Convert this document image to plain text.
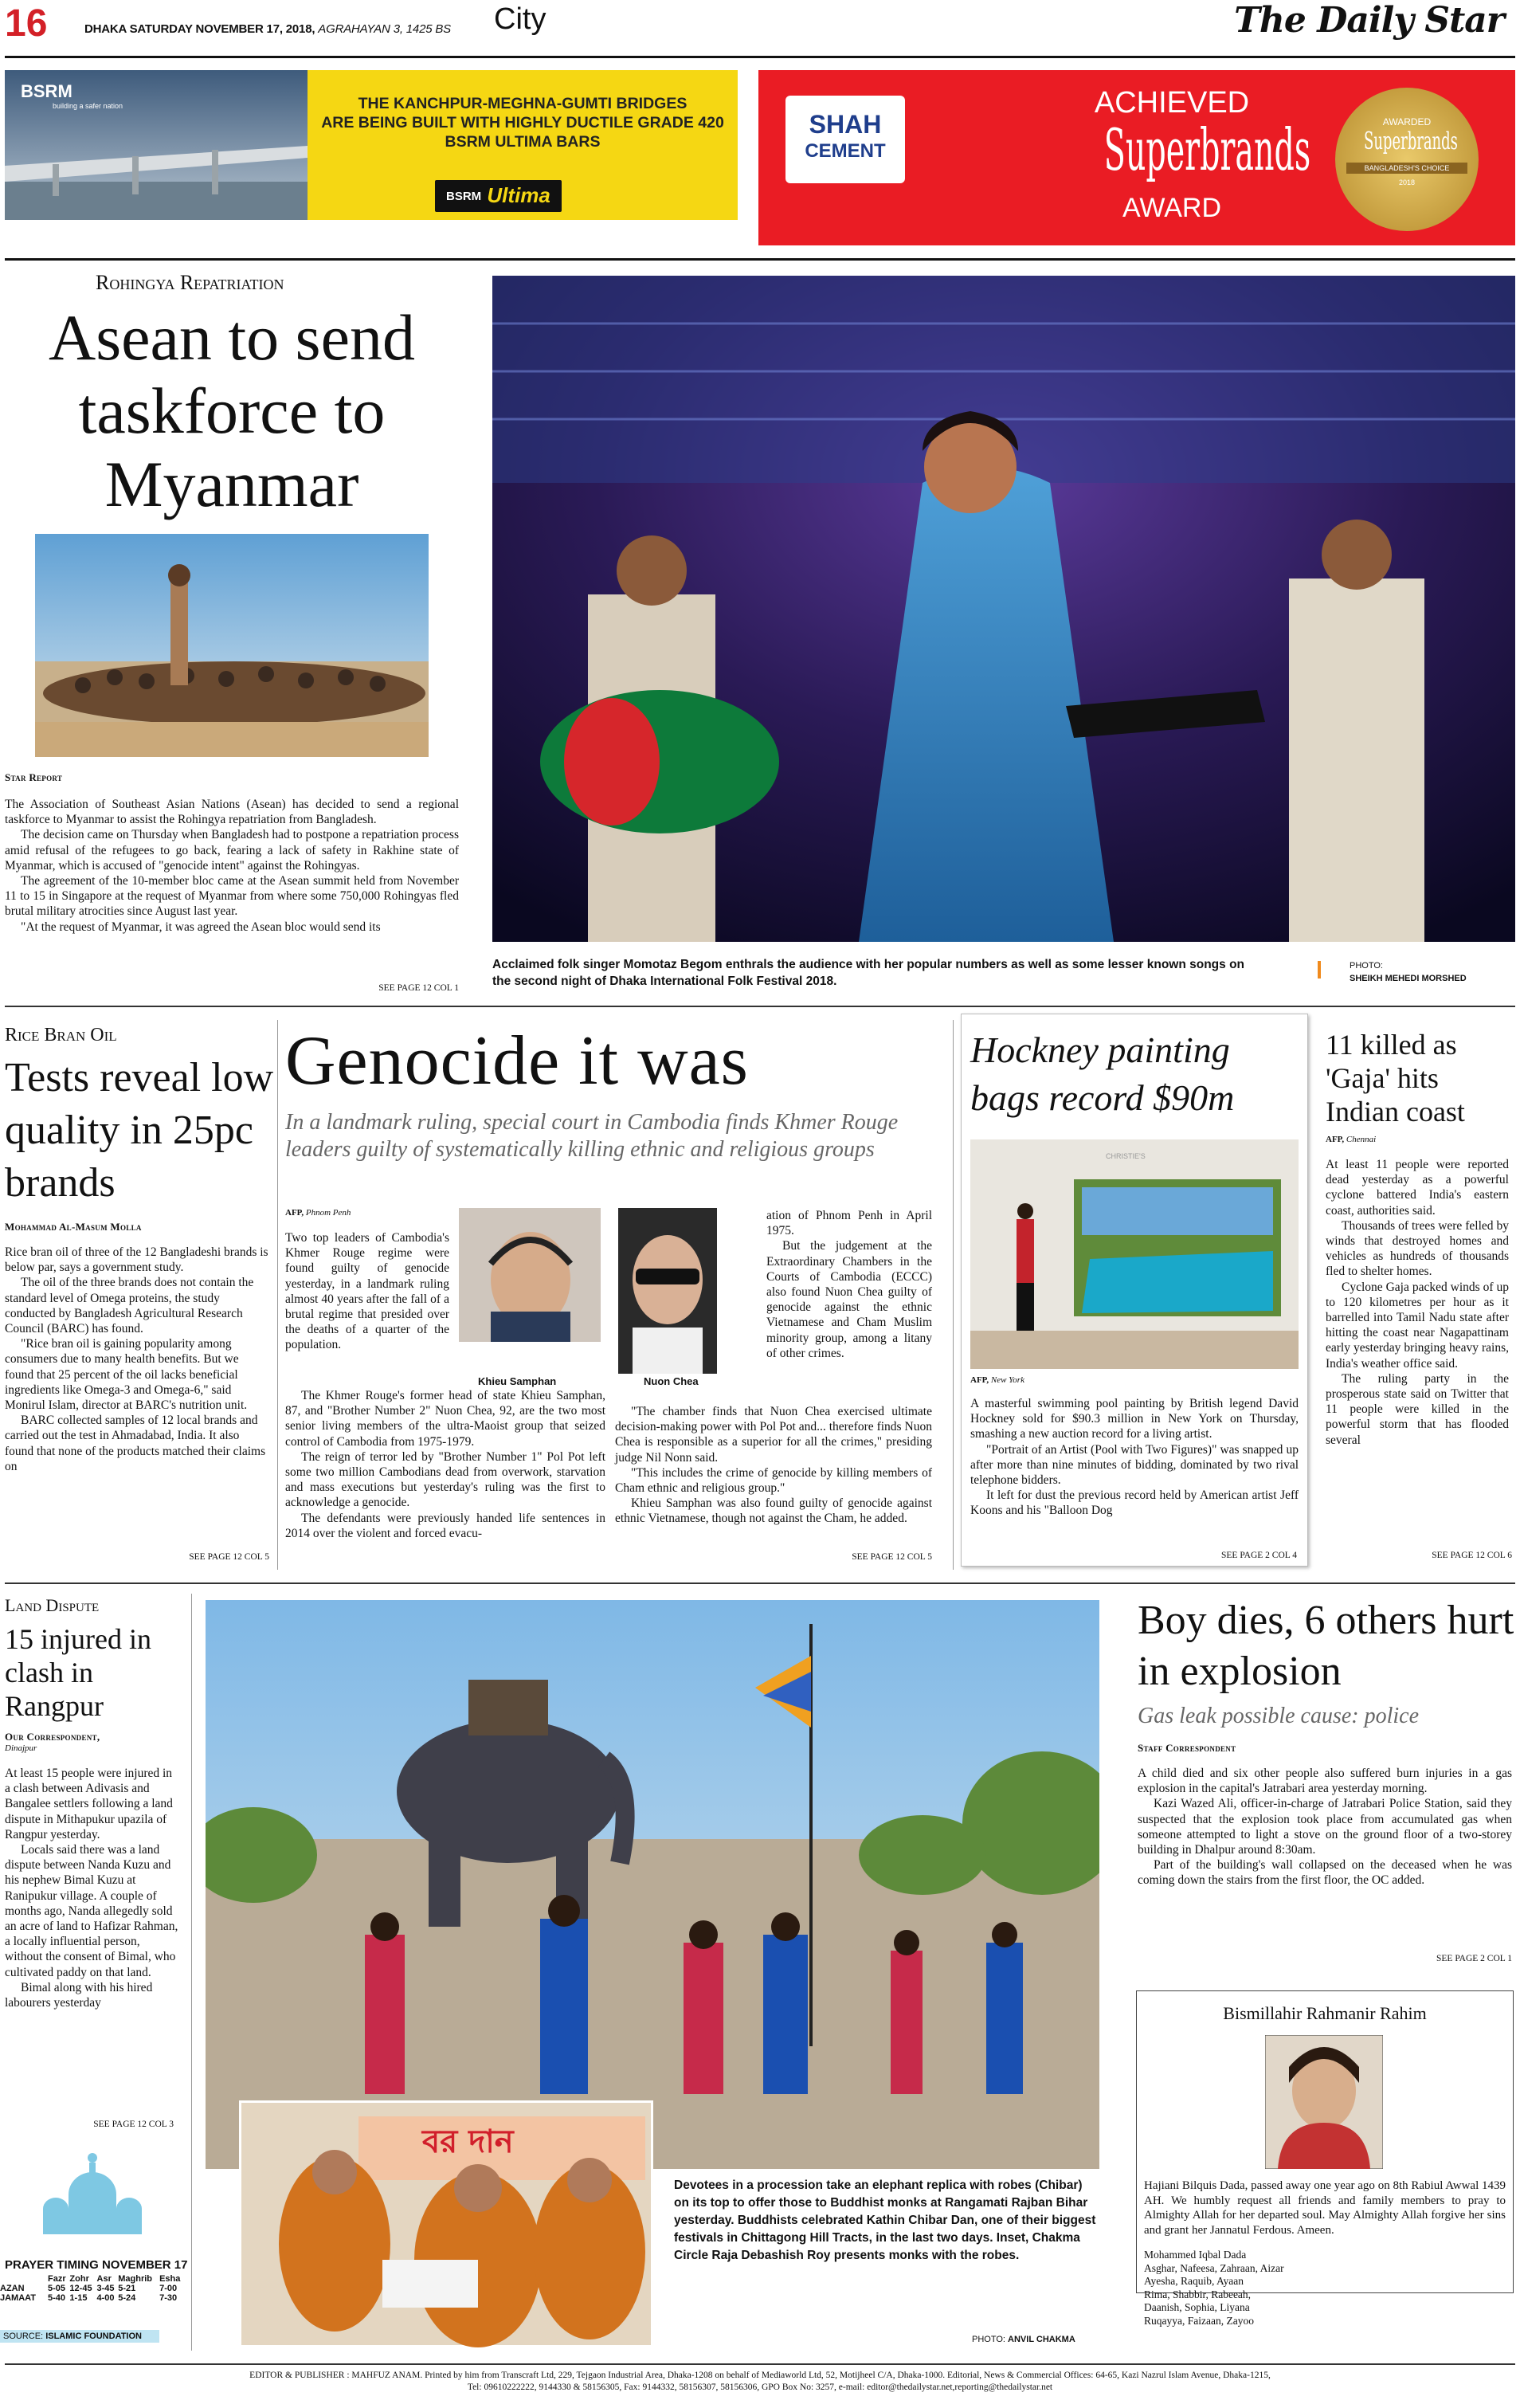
16	DHAKA SATURDAY NOVEMBER 17, 2018, AGRAHAYAN 3, 1425 BS City	The Daily Star
BSRM
building a safer nation	THE KANCHPUR-MEGHNA-GUMTI BRIDGES
ARE BEING BUILT WITH HIGHLY DUCTILE GRADE 420
BSRM ULTIMA BARS
BSRM Ultima
SHAH
CEMENT
ACHIEVED
Superbrands
AWARD
AWARDED
Superbrands
BANGLADESH'S CHOICE
2018
Rohingya Repatriation
Asean to send taskforce to Myanmar
Star Report

The Association of Southeast Asian Nations (Asean) has decided to send a regional taskforce to Myanmar to assist the Rohingya repatriation from Bangladesh.

The decision came on Thursday when Bangladesh had to postpone a repatriation process amid refusal of the refugees to go back, fearing a lack of safety in Rakhine state of Myanmar, which is accused of "genocide intent" against the Rohingyas.

The agreement of the 10-member bloc came at the Asean summit held from November 11 to 15 in Singapore at the request of Myanmar from where some 750,000 Rohingyas fled brutal military atrocities since August last year.

"At the request of Myanmar, it was agreed the Asean bloc would send its

SEE PAGE 12 COL 1
Acclaimed folk singer Momotaz Begom enthrals the audience with her popular numbers as well as some lesser known songs on the second night of Dhaka International Folk Festival 2018.
PHOTO:
SHEIKH MEHEDI MORSHED
Rice Bran Oil
Tests reveal low quality in 25pc brands
Mohammad Al-Masum Molla

Rice bran oil of three of the 12 Bangladeshi brands is below par, says a government study.

The oil of the three brands does not contain the standard level of Omega proteins, the study conducted by Bangladesh Agricultural Research Council (BARC) has found.

"Rice bran oil is gaining popularity among consumers due to many health benefits. But we found that 25 percent of the oil lacks beneficial ingredients like Omega-3 and Omega-6," said Monirul Islam, director at BARC's nutrition unit.

BARC collected samples of 12 local brands and carried out the test in Ahmadabad, India. It also found that none of the products matched their claims on

SEE PAGE 12 COL 5
Genocide it was
In a landmark ruling, special court in Cambodia finds Khmer Rouge leaders guilty of systematically killing ethnic and religious groups
AFP, Phnom Penh

Two top leaders of Cambodia's Khmer Rouge regime were found guilty of genocide yesterday, in a landmark ruling almost 40 years after the fall of a brutal regime that presided over the deaths of a quarter of the population.

The Khmer Rouge's former head of state Khieu Samphan, 87, and "Brother Number 2" Nuon Chea, 92, are the two most senior living members of the ultra-Maoist group that seized control of Cambodia from 1975-1979.

The reign of terror led by "Brother Number 1" Pol Pot left some two million Cambodians dead from overwork, starvation and mass executions but yesterday's ruling was the first to acknowledge a genocide.

The defendants were previously handed life sentences in 2014 over the violent and forced evacu-

Khieu Samphan	Nuon Chea

ation of Phnom Penh in April 1975.

But the judgement at the Extraordinary Chambers in the Courts of Cambodia (ECCC) also found Nuon Chea guilty of genocide against the ethnic Vietnamese and Cham Muslim minority group, among a litany of other crimes.

"The chamber finds that Nuon Chea exercised ultimate decision-making power with Pol Pot and... therefore finds Nuon Chea is responsible as a superior for all the crimes," presiding judge Nil Nonn said.

"This includes the crime of genocide by killing members of Cham ethnic and religious group."

Khieu Samphan was also found guilty of genocide against ethnic Vietnamese, though not against the Cham, he added.

SEE PAGE 12 COL 5
Hockney painting bags record $90m
CHRISTIE'S
AFP, New York

A masterful swimming pool painting by British legend David Hockney sold for $90.3 million in New York on Thursday, smashing a new auction record for a living artist.

"Portrait of an Artist (Pool with Two Figures)" was snapped up after more than nine minutes of bidding, dominated by two rival telephone bidders.

It left for dust the previous record held by American artist Jeff Koons and his "Balloon Dog

SEE PAGE 2 COL 4
11 killed as 'Gaja' hits Indian coast
AFP, Chennai

At least 11 people were reported dead yesterday as a powerful cyclone battered India's eastern coast, authorities said.

Thousands of trees were felled by winds that destroyed homes and vehicles as hundreds of thousands fled to shelter homes.

Cyclone Gaja packed winds of up to 120 kilometres per hour as it barrelled into Tamil Nadu state after hitting the coast near Nagapattinam early yesterday bringing heavy rains, India's weather office said.

The ruling party in the prosperous state said on Twitter that 11 people were killed in the powerful storm that has flooded several

SEE PAGE 12 COL 6
Land Dispute
15 injured in clash in Rangpur
Our Correspondent,
Dinajpur

At least 15 people were injured in a clash between Adivasis and Bangalee settlers following a land dispute in Mithapukur upazila of Rangpur yesterday.

Locals said there was a land dispute between Nanda Kuzu and his nephew Bimal Kuzu at Ranipukur village. A couple of months ago, Nanda allegedly sold an acre of land to Hafizar Rahman, a locally influential person, without the consent of Bimal, who cultivated paddy on that land.

Bimal along with his hired labourers yesterday

SEE PAGE 12 COL 3
PRAYER TIMING NOVEMBER 17
	Fazr	Zohr	Asr	Maghrib	Esha
AZAN	5-05	12-45	3-45	5-21	7-00
JAMAAT	5-40	1-15	4-00	5-24	7-30
SOURCE: ISLAMIC FOUNDATION
বর দান
Devotees in a procession take an elephant replica with robes (Chibar) on its top to offer those to Buddhist monks at Rangamati Rajban Bihar yesterday. Buddhists celebrated Kathin Chibar Dan, one of their biggest festivals in Chittagong Hill Tracts, in the last two days. Inset, Chakma Circle Raja Debashish Roy presents monks with the robes.
PHOTO: ANVIL CHAKMA
Boy dies, 6 others hurt in explosion
Gas leak possible cause: police
Staff Correspondent

A child died and six other people also suffered burn injuries in a gas explosion in the capital's Jatrabari area yesterday morning.

Kazi Wazed Ali, officer-in-charge of Jatrabari Police Station, said they suspected that the explosion took place from accumulated gas when someone attempted to light a stove on the ground floor of a two-storey building in Dhalpur around 8:30am.

Part of the building's wall collapsed on the deceased when he was coming down the stairs from the first floor, the OC added.

SEE PAGE 2 COL 1
Bismillahir Rahmanir Rahim
Hajiani Bilquis Dada, passed away one year ago on 8th Rabiul Awwal 1439 AH. We humbly request all friends and family members to pray to Almighty Allah for her departed soul. May Almighty Allah forgive her sins and grant her Jannatul Ferdous. Ameen.
Mohammed Iqbal Dada
Asghar, Nafeesa, Zahraan, Aizar
Ayesha, Raquib, Ayaan
Rima, Shabbir, Rabeeah,
Daanish, Sophia, Liyana
Ruqayya, Faizaan, Zayoo
EDITOR & PUBLISHER : MAHFUZ ANAM. Printed by him from Transcraft Ltd, 229, Tejgaon Industrial Area, Dhaka-1208 on behalf of Mediaworld Ltd, 52, Motijheel C/A, Dhaka-1000. Editorial, News & Commercial Offices: 64-65, Kazi Nazrul Islam Avenue, Dhaka-1215,
Tel: 09610222222, 9144330 & 58156305, Fax: 9144332, 58156307, 58156306, GPO Box No: 3257, e-mail: editor@thedailystar.net,reporting@thedailystar.net
